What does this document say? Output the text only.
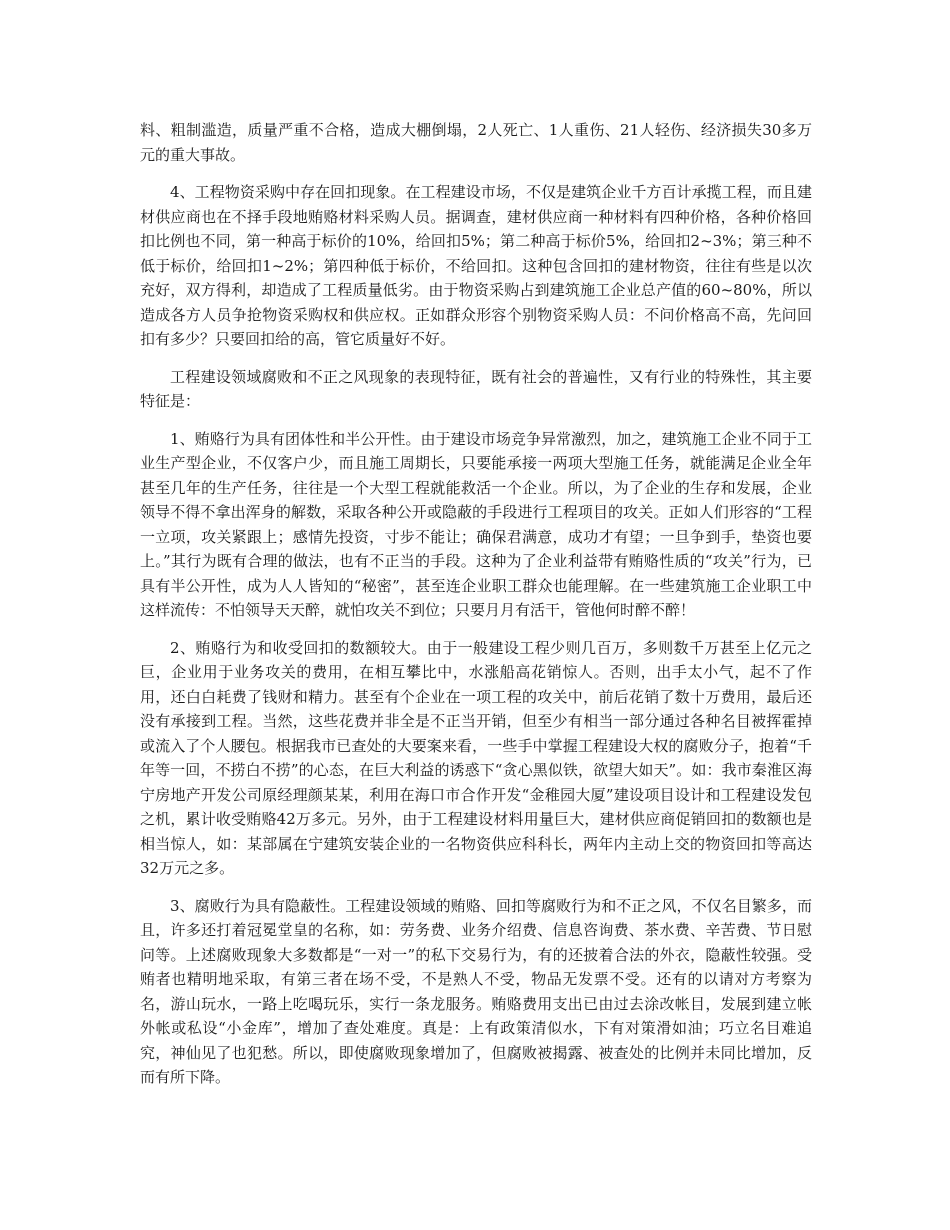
料、粗制滥造，质量严重不合格，造成大棚倒塌，2人死亡、1人重伤、21人轻伤、经济损失30多万元的重大事故。

4、工程物资采购中存在回扣现象。在工程建设市场，不仅是建筑企业千方百计承揽工程，而且建材供应商也在不择手段地贿赂材料采购人员。据调查，建材供应商一种材料有四种价格，各种价格回扣比例也不同，第一种高于标价的10%，给回扣5%；第二种高于标价5%，给回扣2~3%；第三种不低于标价，给回扣1~2%；第四种低于标价，不给回扣。这种包含回扣的建材物资，往往有些是以次充好，双方得利，却造成了工程质量低劣。由于物资采购占到建筑施工企业总产值的60~80%，所以造成各方人员争抢物资采购权和供应权。正如群众形容个别物资采购人员：不问价格高不高，先问回扣有多少？只要回扣给的高，管它质量好不好。

工程建设领域腐败和不正之风现象的表现特征，既有社会的普遍性，又有行业的特殊性，其主要特征是：

1、贿赂行为具有团体性和半公开性。由于建设市场竞争异常激烈，加之，建筑施工企业不同于工业生产型企业，不仅客户少，而且施工周期长，只要能承接一两项大型施工任务，就能满足企业全年甚至几年的生产任务，往往是一个大型工程就能救活一个企业。所以，为了企业的生存和发展，企业领导不得不拿出浑身的解数，采取各种公开或隐蔽的手段进行工程项目的攻关。正如人们形容的“工程一立项，攻关紧跟上；感情先投资，寸步不能让；确保君满意，成功才有望；一旦争到手，垫资也要上。”其行为既有合理的做法，也有不正当的手段。这种为了企业利益带有贿赂性质的“攻关”行为，已具有半公开性，成为人人皆知的“秘密”，甚至连企业职工群众也能理解。在一些建筑施工企业职工中这样流传：不怕领导天天醉，就怕攻关不到位；只要月月有活干，管他何时醉不醉！

2、贿赂行为和收受回扣的数额较大。由于一般建设工程少则几百万，多则数千万甚至上亿元之巨，企业用于业务攻关的费用，在相互攀比中，水涨船高花销惊人。否则，出手太小气，起不了作用，还白白耗费了钱财和精力。甚至有个企业在一项工程的攻关中，前后花销了数十万费用，最后还没有承接到工程。当然，这些花费并非全是不正当开销，但至少有相当一部分通过各种名目被挥霍掉或流入了个人腰包。根据我市已查处的大要案来看，一些手中掌握工程建设大权的腐败分子，抱着“千年等一回，不捞白不捞”的心态，在巨大利益的诱惑下“贪心黑似铁，欲望大如天”。如：我市秦淮区海宁房地产开发公司原经理颜某某，利用在海口市合作开发“金稚园大厦”建设项目设计和工程建设发包之机，累计收受贿赂42万多元。另外，由于工程建设材料用量巨大，建材供应商促销回扣的数额也是相当惊人，如：某部属在宁建筑安装企业的一名物资供应科科长，两年内主动上交的物资回扣等高达32万元之多。

3、腐败行为具有隐蔽性。工程建设领域的贿赂、回扣等腐败行为和不正之风，不仅名目繁多，而且，许多还打着冠冕堂皇的名称，如：劳务费、业务介绍费、信息咨询费、茶水费、辛苦费、节日慰问等。上述腐败现象大多数都是“一对一”的私下交易行为，有的还披着合法的外衣，隐蔽性较强。受贿者也精明地采取，有第三者在场不受，不是熟人不受，物品无发票不受。还有的以请对方考察为名，游山玩水，一路上吃喝玩乐，实行一条龙服务。贿赂费用支出已由过去涂改帐目，发展到建立帐外帐或私设“小金库”，增加了查处难度。真是：上有政策清似水，下有对策滑如油；巧立名目难追究，神仙见了也犯愁。所以，即使腐败现象增加了，但腐败被揭露、被查处的比例并未同比增加，反而有所下降。
